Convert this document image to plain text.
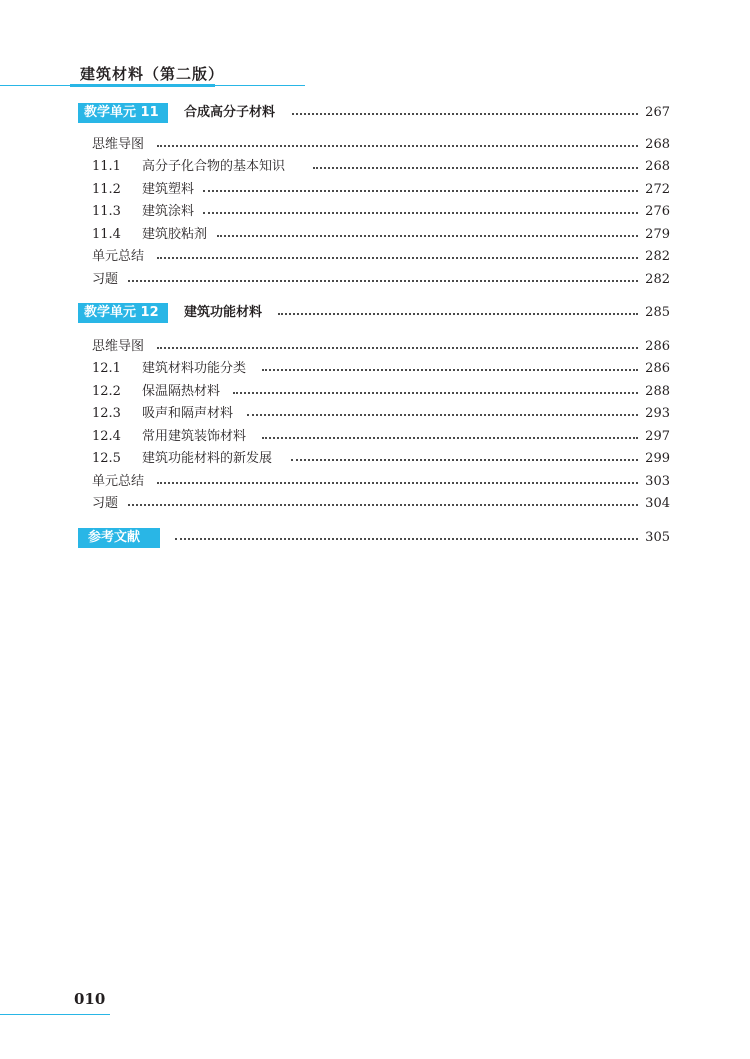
建筑材料（第二版）
教学单元 11	合成高分子材料	267
思维导图	268
11.1 高分子化合物的基本知识	268
11.2 建筑塑料	272
11.3 建筑涂料	276
11.4 建筑胶粘剂	279
单元总结	282
习题	282
教学单元 12	建筑功能材料	285
思维导图	286
12.1 建筑材料功能分类	286
12.2 保温隔热材料	288
12.3 吸声和隔声材料	293
12.4 常用建筑装饰材料	297
12.5 建筑功能材料的新发展	299
单元总结	303
习题	304
参考文献	305
010
